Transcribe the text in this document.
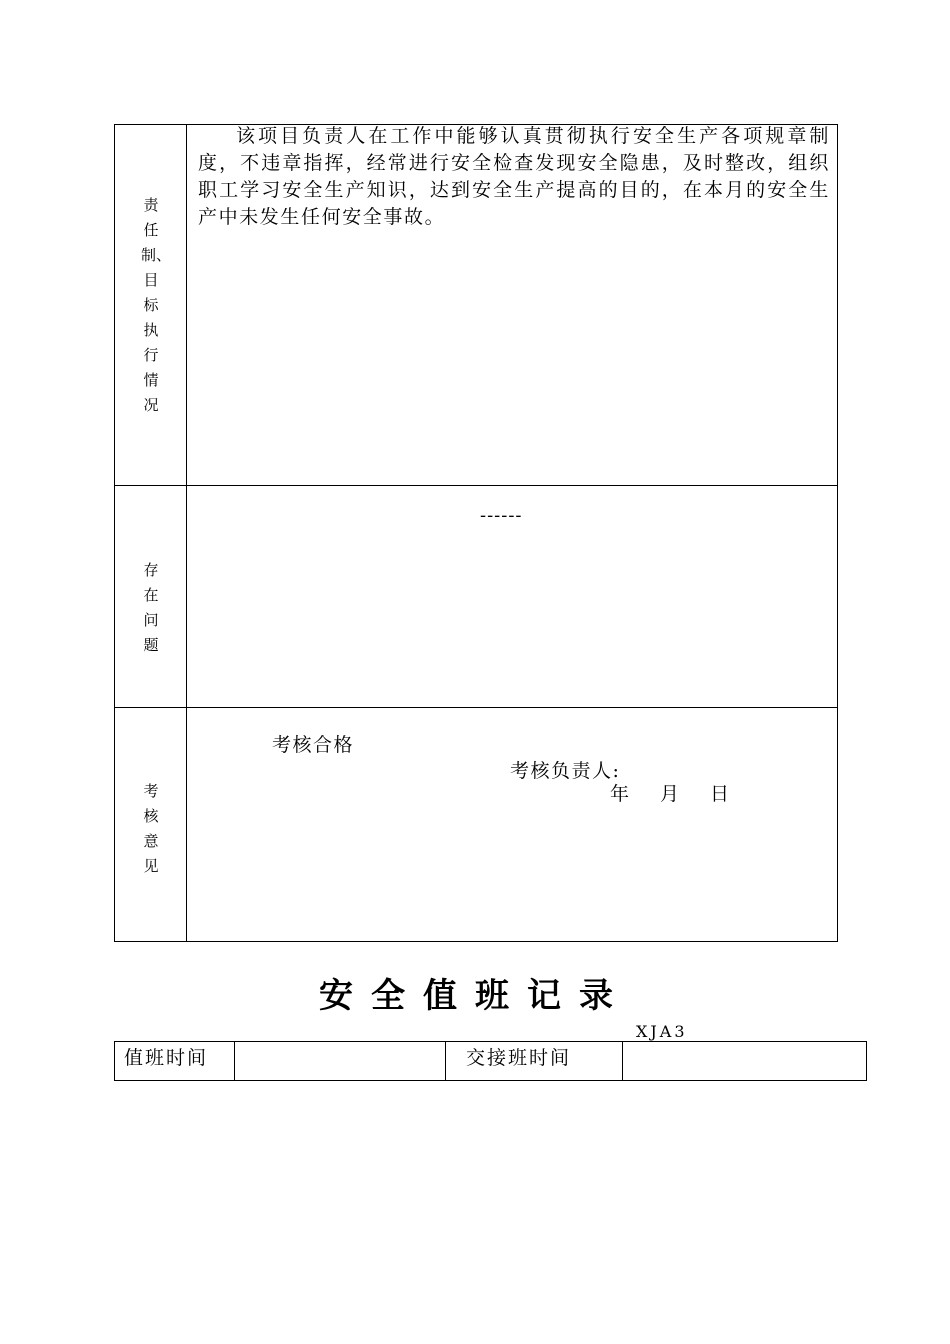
责
任
制、
目
标
执
行
情
况
该项目负责人在工作中能够认真贯彻执行安全生产各项规章制度，不违章指挥，经常进行安全检查发现安全隐患，及时整改，组织职工学习安全生产知识，达到安全生产提高的目的，在本月的安全生产中未发生任何安全事故。
存
在
问
题
------
考
核
意
见
考核合格
考核负责人:
年　月　日
安全值班记录
XJA3
值班时间	交接班时间
